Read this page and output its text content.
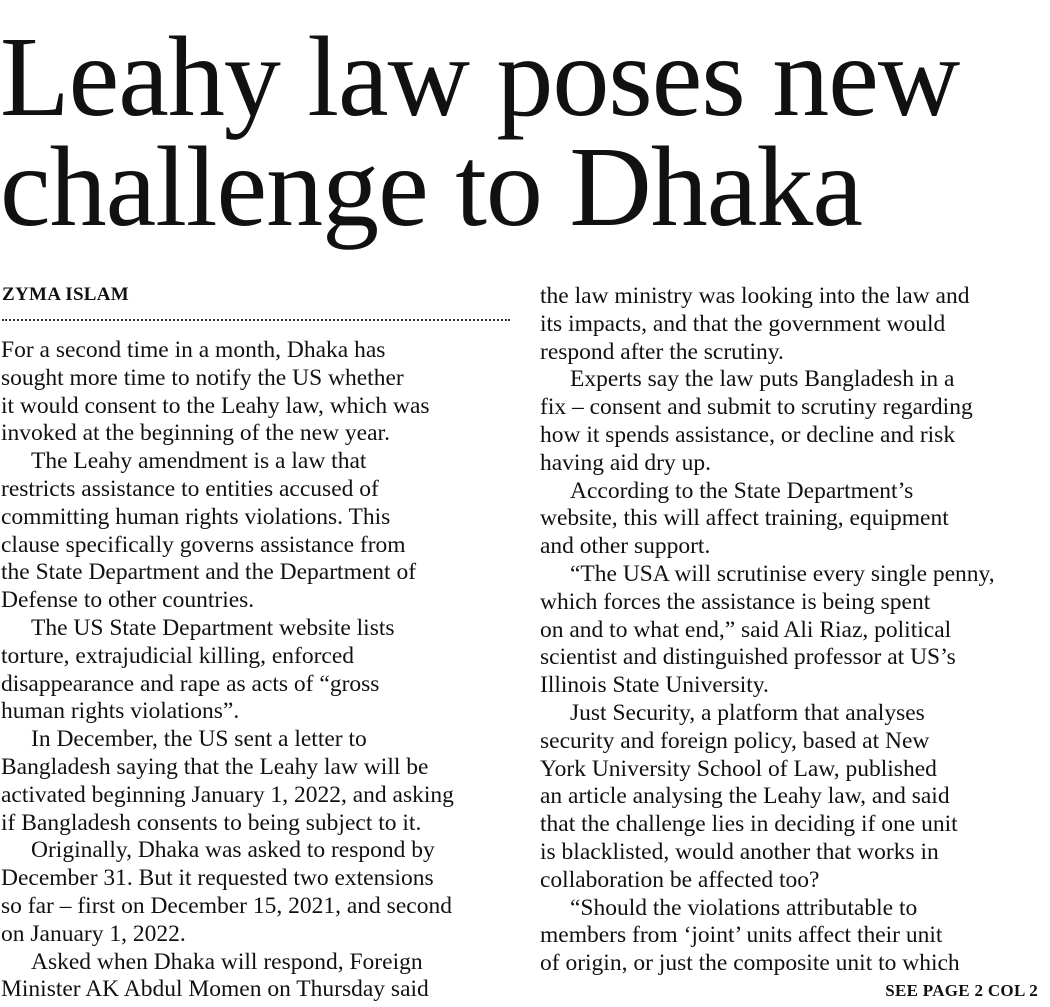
Leahy law poses new
challenge to Dhaka
ZYMA ISLAM
For a second time in a month, Dhaka has
sought more time to notify the US whether
it would consent to the Leahy law, which was
invoked at the beginning of the new year.
The Leahy amendment is a law that
restricts assistance to entities accused of
committing human rights violations. This
clause specifically governs assistance from
the State Department and the Department of
Defense to other countries.
The US State Department website lists
torture, extrajudicial killing, enforced
disappearance and rape as acts of “gross
human rights violations”.
In December, the US sent a letter to
Bangladesh saying that the Leahy law will be
activated beginning January 1, 2022, and asking
if Bangladesh consents to being subject to it.
Originally, Dhaka was asked to respond by
December 31. But it requested two extensions
so far – first on December 15, 2021, and second
on January 1, 2022.
Asked when Dhaka will respond, Foreign
Minister AK Abdul Momen on Thursday said
the law ministry was looking into the law and
its impacts, and that the government would
respond after the scrutiny.
Experts say the law puts Bangladesh in a
fix – consent and submit to scrutiny regarding
how it spends assistance, or decline and risk
having aid dry up.
According to the State Department’s
website, this will affect training, equipment
and other support.
“The USA will scrutinise every single penny,
which forces the assistance is being spent
on and to what end,” said Ali Riaz, political
scientist and distinguished professor at US’s
Illinois State University.
Just Security, a platform that analyses
security and foreign policy, based at New
York University School of Law, published
an article analysing the Leahy law, and said
that the challenge lies in deciding if one unit
is blacklisted, would another that works in
collaboration be affected too?
“Should the violations attributable to
members from ‘joint’ units affect their unit
of origin, or just the composite unit to which
SEE PAGE 2 COL 2
